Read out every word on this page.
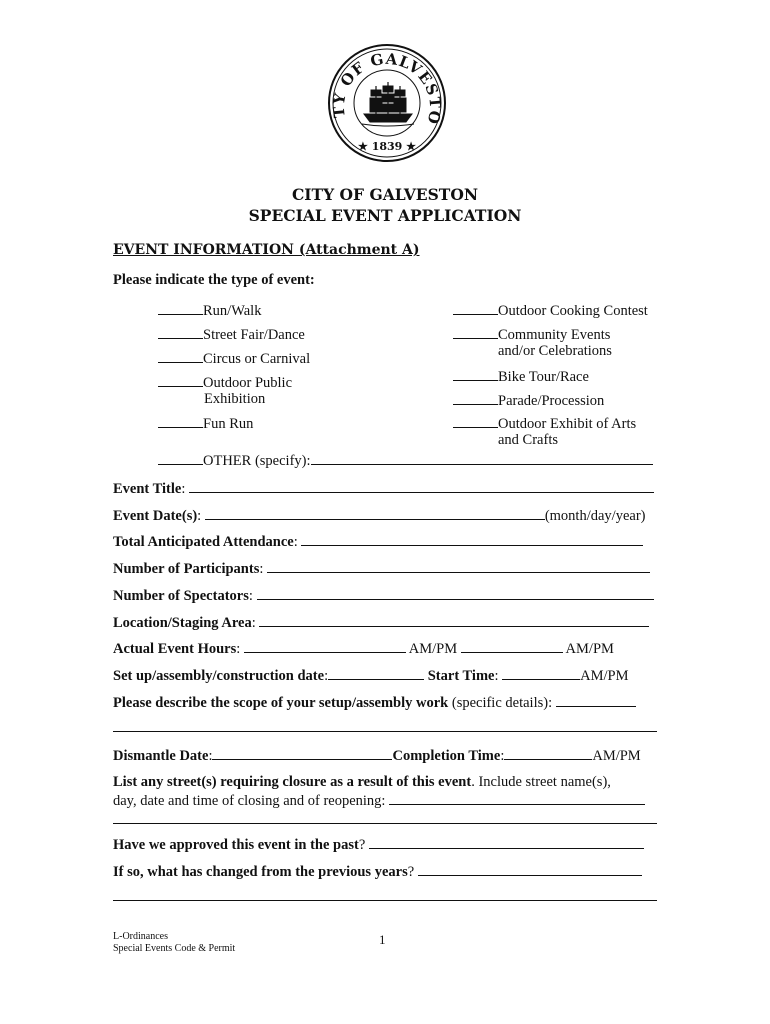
TY OF GALVESTO
★ 1839 ★
CITY OF GALVESTON
SPECIAL EVENT APPLICATION
EVENT INFORMATION (Attachment A)
Please indicate the type of event:
Run/Walk
Street Fair/Dance
Circus or Carnival
Outdoor Public
Exhibition
Fun Run
Outdoor Cooking Contest
Community Events
and/or Celebrations
Bike Tour/Race
Parade/Procession
Outdoor Exhibit of Arts
and Crafts
OTHER (specify):
Event Title:
Event Date(s):	(month/day/year)
Total Anticipated Attendance:
Number of Participants:
Number of Spectators:
Location/Staging Area:
Actual Event Hours:	AM/PM	AM/PM
Set up/assembly/construction date:	Start Time:	AM/PM
Please describe the scope of your setup/assembly work (specific details):
Dismantle Date:	Completion Time:	AM/PM
List any street(s) requiring closure as a result of this event. Include street name(s),
day, date and time of closing and of reopening:
Have we approved this event in the past?
If so, what has changed from the previous years?
L-Ordinances
Special Events Code & Permit
1
